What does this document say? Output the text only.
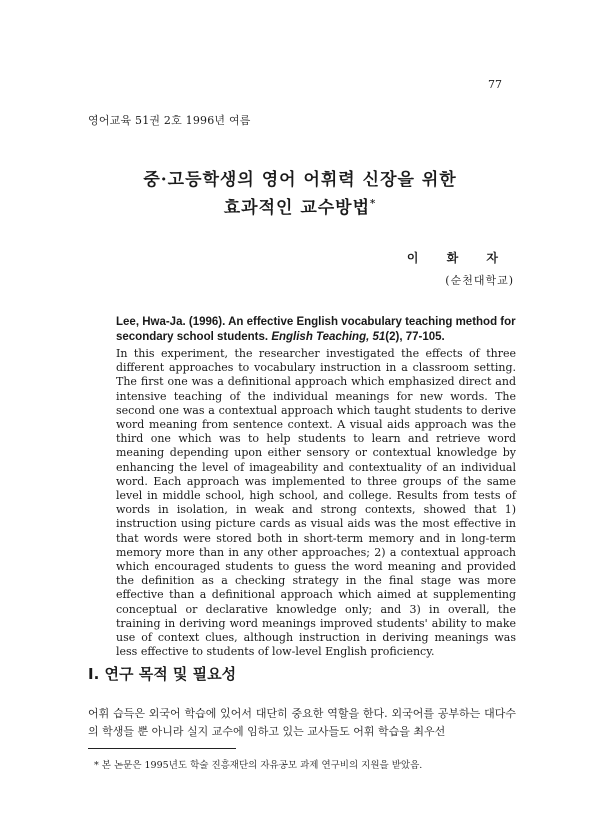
77
영어교육 51권 2호 1996년 여름
중·고등학생의 영어 어휘력 신장을 위한
효과적인 교수방법*
이 화 자
(순천대학교)
Lee, Hwa-Ja. (1996). An effective English vocabulary teaching method for secondary school students. English Teaching, 51(2), 77-105.

In this experiment, the researcher investigated the effects of three different approaches to vocabulary instruction in a classroom setting. The first one was a definitional approach which emphasized direct and intensive teaching of the individual meanings for new words. The second one was a contextual approach which taught students to derive word meaning from sentence context. A visual aids approach was the third one which was to help students to learn and retrieve word meaning depending upon either sensory or contextual knowledge by enhancing the level of imageability and contextuality of an individual word. Each approach was implemented to three groups of the same level in middle school, high school, and college. Results from tests of words in isolation, in weak and strong contexts, showed that 1) instruction using picture cards as visual aids was the most effective in that words were stored both in short-term memory and in long-term memory more than in any other approaches; 2) a contextual approach which encouraged students to guess the word meaning and provided the definition as a checking strategy in the final stage was more effective than a definitional approach which aimed at supplementing conceptual or declarative knowledge only; and 3) in overall, the training in deriving word meanings improved students' ability to make use of context clues, although instruction in deriving meanings was less effective to students of low-level English proficiency.

I. 연구 목적 및 필요성

어휘 습득은 외국어 학습에 있어서 대단히 중요한 역할을 한다. 외국어를 공부하는 대다수의 학생들 뿐 아니라 실지 교수에 임하고 있는 교사들도 어휘 학습을 최우선

* 본 논문은 1995년도 학술 진흥재단의 자유공모 과제 연구비의 지원을 받았음.
